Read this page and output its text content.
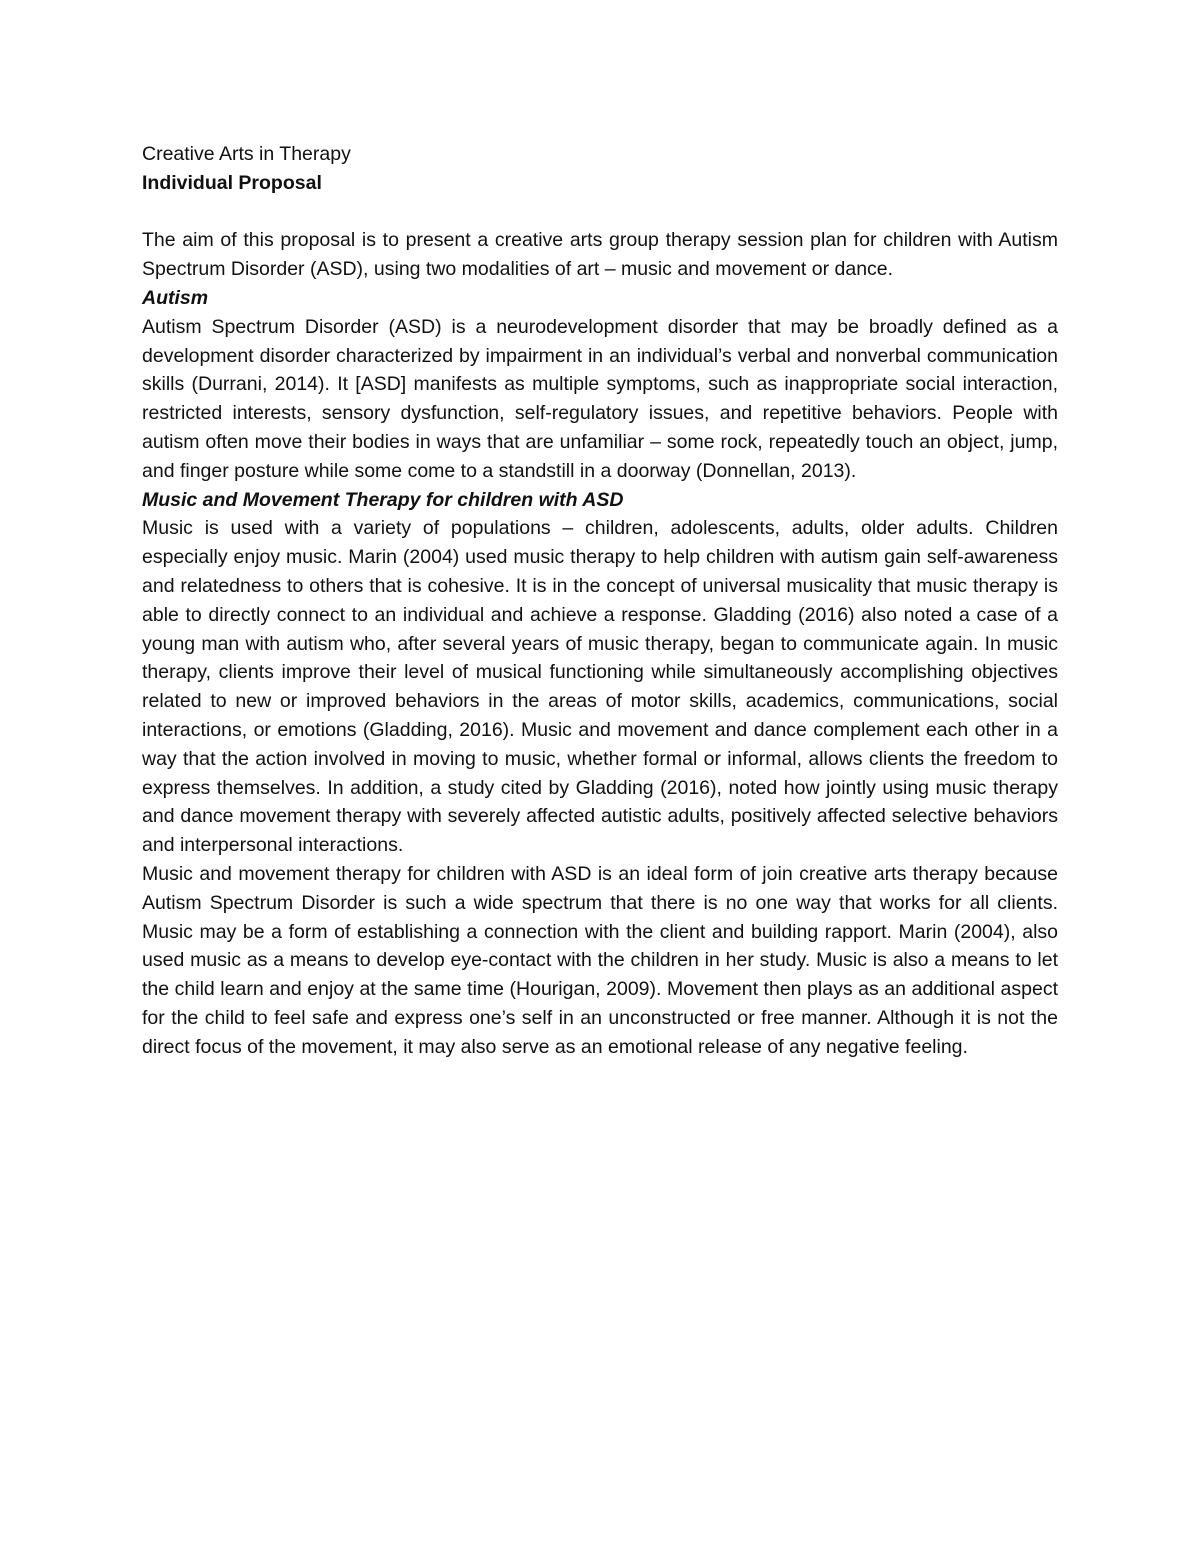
Creative Arts in Therapy
Individual Proposal

The aim of this proposal is to present a creative arts group therapy session plan for children with Autism Spectrum Disorder (ASD), using two modalities of art – music and movement or dance.

Autism

Autism Spectrum Disorder (ASD) is a neurodevelopment disorder that may be broadly defined as a development disorder characterized by impairment in an individual’s verbal and nonverbal communication skills (Durrani, 2014). It [ASD] manifests as multiple symptoms, such as inappropriate social interaction, restricted interests, sensory dysfunction, self-regulatory issues, and repetitive behaviors. People with autism often move their bodies in ways that are unfamiliar – some rock, repeatedly touch an object, jump, and finger posture while some come to a standstill in a doorway (Donnellan, 2013).

Music and Movement Therapy for children with ASD

Music is used with a variety of populations – children, adolescents, adults, older adults. Children especially enjoy music. Marin (2004) used music therapy to help children with autism gain self-awareness and relatedness to others that is cohesive. It is in the concept of universal musicality that music therapy is able to directly connect to an individual and achieve a response. Gladding (2016) also noted a case of a young man with autism who, after several years of music therapy, began to communicate again. In music therapy, clients improve their level of musical functioning while simultaneously accomplishing objectives related to new or improved behaviors in the areas of motor skills, academics, communications, social interactions, or emotions (Gladding, 2016). Music and movement and dance complement each other in a way that the action involved in moving to music, whether formal or informal, allows clients the freedom to express themselves. In addition, a study cited by Gladding (2016), noted how jointly using music therapy and dance movement therapy with severely affected autistic adults, positively affected selective behaviors and interpersonal interactions.

Music and movement therapy for children with ASD is an ideal form of join creative arts therapy because Autism Spectrum Disorder is such a wide spectrum that there is no one way that works for all clients. Music may be a form of establishing a connection with the client and building rapport. Marin (2004), also used music as a means to develop eye-contact with the children in her study. Music is also a means to let the child learn and enjoy at the same time (Hourigan, 2009). Movement then plays as an additional aspect for the child to feel safe and express one’s self in an unconstructed or free manner. Although it is not the direct focus of the movement, it may also serve as an emotional release of any negative feeling.
